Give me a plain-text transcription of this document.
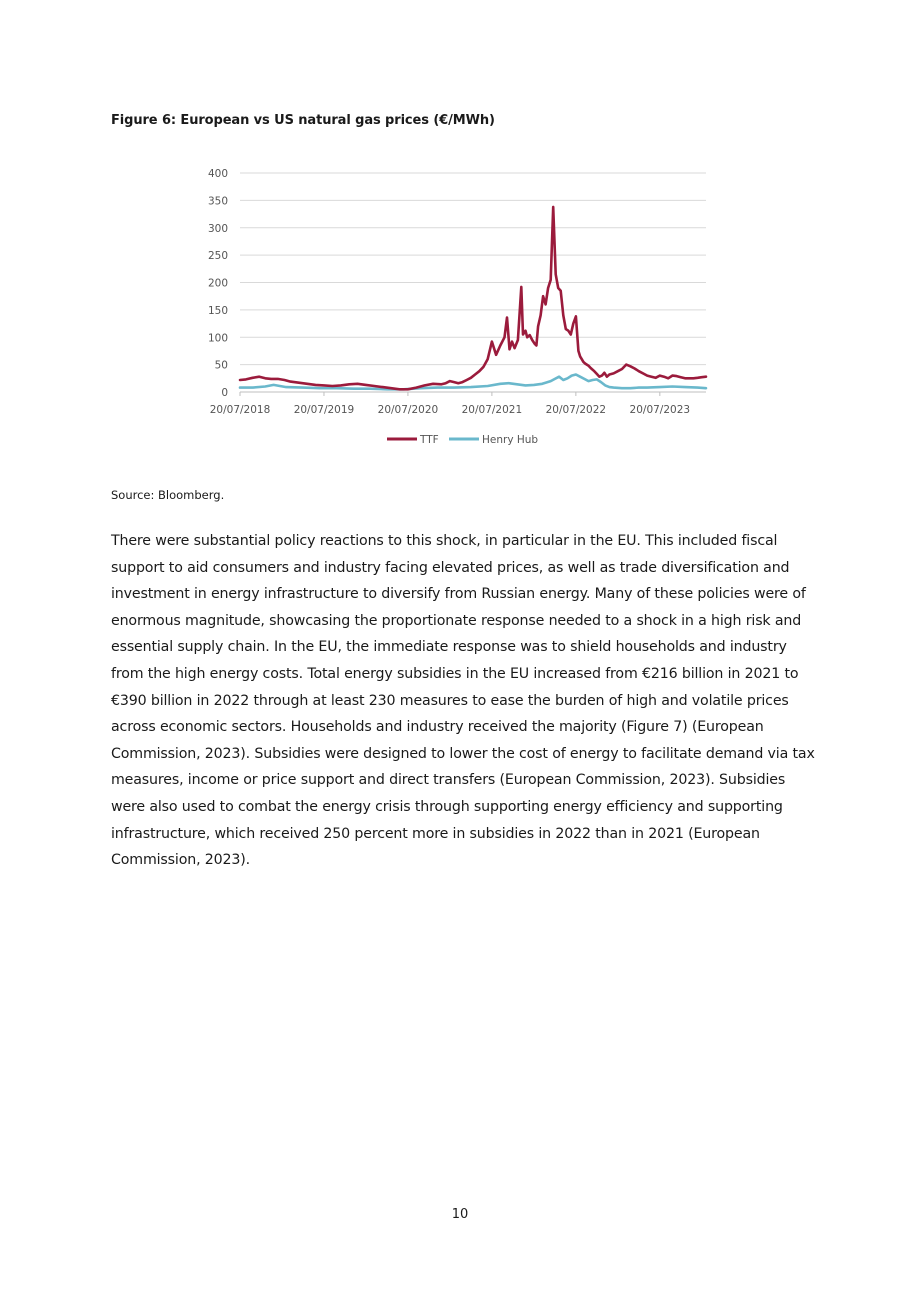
Figure 6: European vs US natural gas prices (€/MWh)
0
50
100
150
200
250
300
350
400
20/07/2018 20/07/2019 20/07/2020 20/07/2021 20/07/2022 20/07/2023
TTF	Henry Hub
Source: Bloomberg.

There were substantial policy reactions to this shock, in particular in the EU. This included fiscal support to aid consumers and industry facing elevated prices, as well as trade diversification and investment in energy infrastructure to diversify from Russian energy. Many of these policies were of enormous magnitude, showcasing the proportionate response needed to a shock in a high risk and essential supply chain. In the EU, the immediate response was to shield households and industry from the high energy costs. Total energy subsidies in the EU increased from €216 billion in 2021 to €390 billion in 2022 through at least 230 measures to ease the burden of high and volatile prices across economic sectors. Households and industry received the majority (Figure 7) (European Commission, 2023). Subsidies were designed to lower the cost of energy to facilitate demand via tax measures, income or price support and direct transfers (European Commission, 2023). Subsidies were also used to combat the energy crisis through supporting energy efficiency and supporting infrastructure, which received 250 percent more in subsidies in 2022 than in 2021 (European Commission, 2023).

10
